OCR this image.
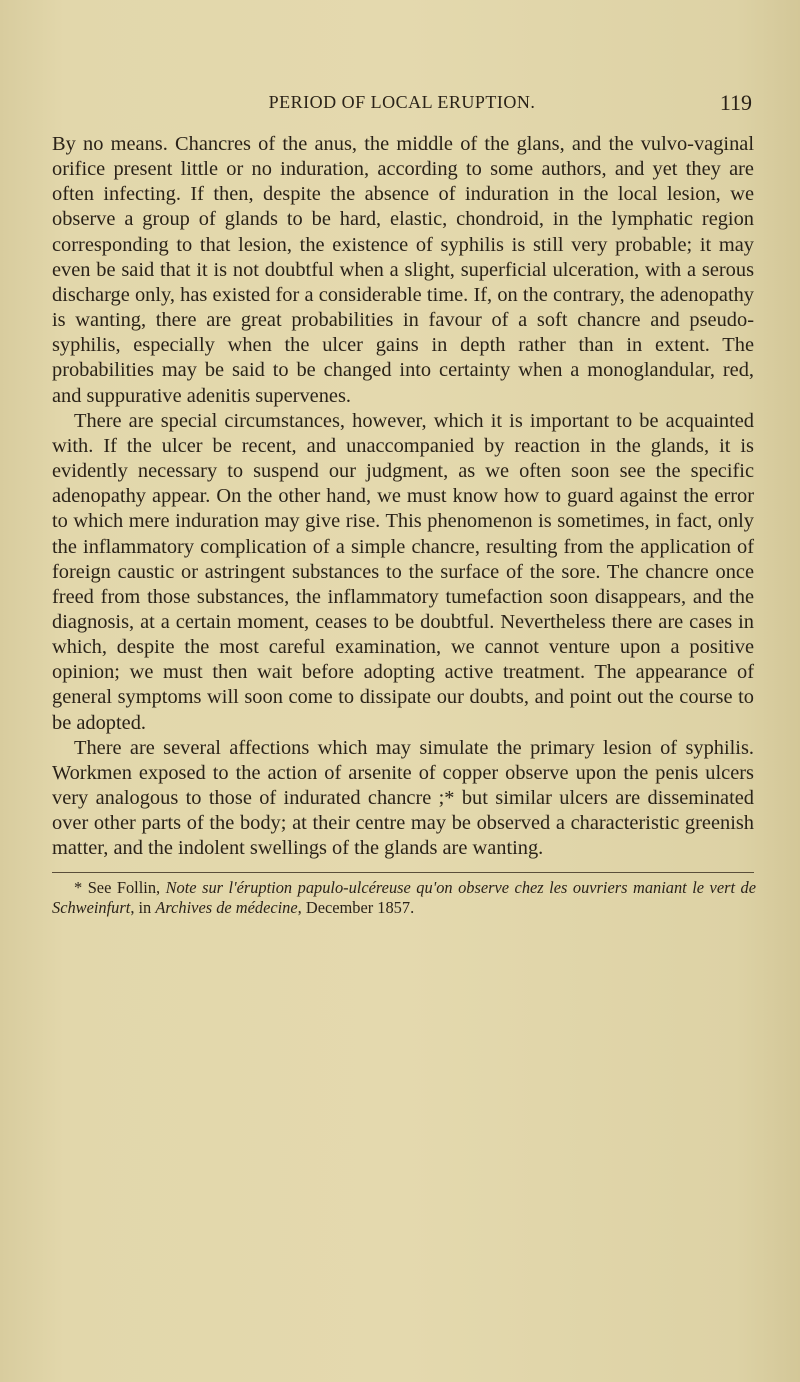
PERIOD OF LOCAL ERUPTION.	119

By no means. Chancres of the anus, the middle of the glans, and the vulvo-vaginal orifice present little or no induration, according to some authors, and yet they are often infecting. If then, despite the absence of induration in the local lesion, we observe a group of glands to be hard, elastic, chondroid, in the lymphatic region corresponding to that lesion, the existence of syphilis is still very probable; it may even be said that it is not doubtful when a slight, superficial ulceration, with a serous discharge only, has existed for a considerable time. If, on the contrary, the adenopathy is wanting, there are great probabilities in favour of a soft chancre and pseudo-syphilis, especially when the ulcer gains in depth rather than in extent. The probabilities may be said to be changed into certainty when a monoglandular, red, and suppurative adenitis supervenes.

There are special circumstances, however, which it is important to be acquainted with. If the ulcer be recent, and unaccompanied by reaction in the glands, it is evidently necessary to suspend our judgment, as we often soon see the specific adenopathy appear. On the other hand, we must know how to guard against the error to which mere induration may give rise. This phenomenon is sometimes, in fact, only the inflammatory complication of a simple chancre, resulting from the application of foreign caustic or astringent substances to the surface of the sore. The chancre once freed from those substances, the inflammatory tumefaction soon disappears, and the diagnosis, at a certain moment, ceases to be doubtful. Nevertheless there are cases in which, despite the most careful examination, we cannot venture upon a positive opinion; we must then wait before adopting active treatment. The appearance of general symptoms will soon come to dissipate our doubts, and point out the course to be adopted.

There are several affections which may simulate the primary lesion of syphilis. Workmen exposed to the action of arsenite of copper observe upon the penis ulcers very analogous to those of indurated chancre ;* but similar ulcers are disseminated over other parts of the body; at their centre may be observed a characteristic greenish matter, and the indolent swellings of the glands are wanting.

* See Follin, Note sur l'éruption papulo-ulcéreuse qu'on observe chez les ouvriers maniant le vert de Schweinfurt, in Archives de médecine, December 1857.
